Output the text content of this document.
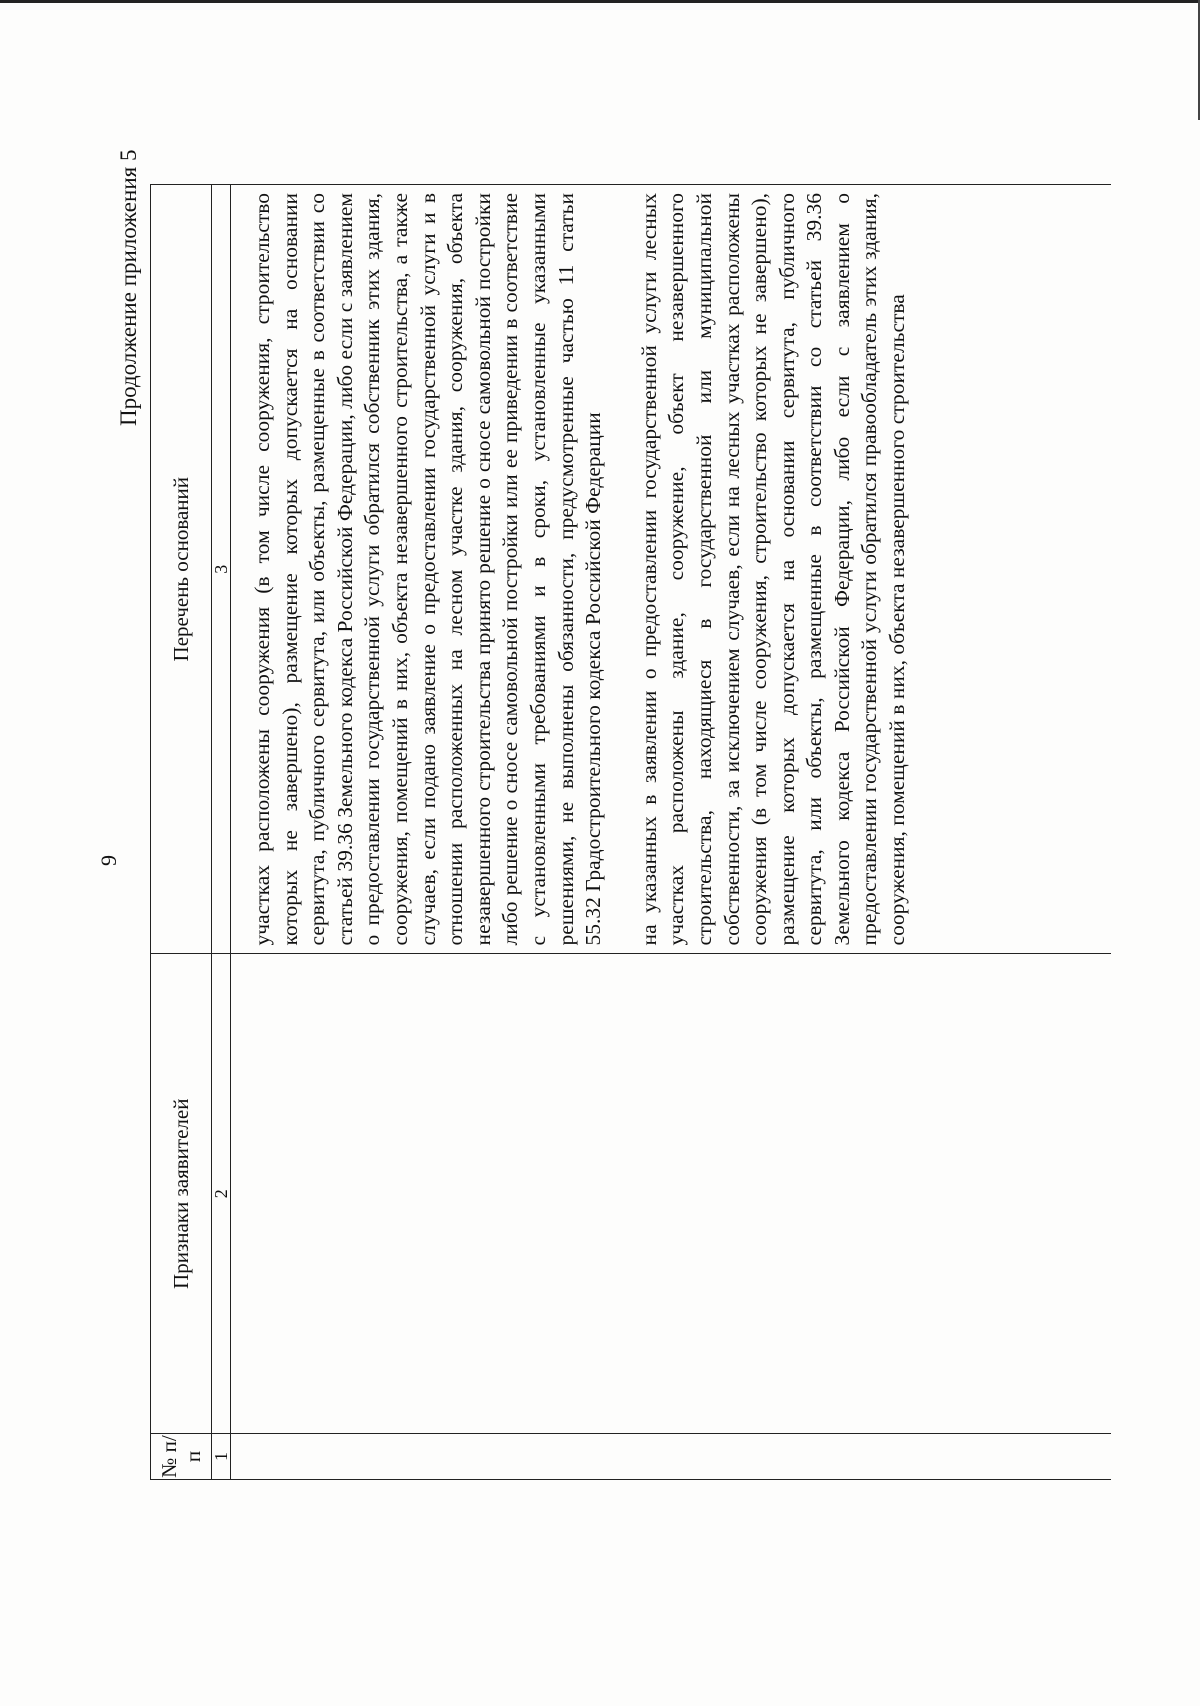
9
Продолжение приложения 5
№ п/п	Признаки заявителей	Перечень оснований
1	2	3

		участках расположены сооружения (в том числе сооружения, строительство которых не завершено), размещение которых допускается на основании сервитута, публичного сервитута, или объекты, размещенные в соответствии со статьей 39.36 Земельного кодекса Российской Федерации, либо если с заявлением о предоставлении государственной услуги обратился собственник этих здания, сооружения, помещений в них, объекта незавершенного строительства, а также случаев, если подано заявление о предоставлении государственной услуги и в отношении расположенных на лесном участке здания, сооружения, объекта незавершенного строительства принято решение о сносе самовольной постройки либо решение о сносе самовольной постройки или ее приведении в соответствие с установленными требованиями и в сроки, установленные указанными решениями, не выполнены обязанности, предусмотренные частью 11 статьи 55.32 Градостроительного кодекса Российской Федерации на указанных в заявлении о предоставлении государственной услуги лесных участках расположены здание, сооружение, объект незавершенного строительства, находящиеся в государственной или муниципальной собственности, за исключением случаев, если на лесных участках расположены сооружения (в том числе сооружения, строительство которых не завершено), размещение которых допускается на основании сервитута, публичного сервитута, или объекты, размещенные в соответствии со статьей 39.36 Земельного кодекса Российской Федерации, либо если с заявлением о предоставлении государственной услуги обратился правообладатель этих здания, сооружения, помещений в них, объекта незавершенного строительства
